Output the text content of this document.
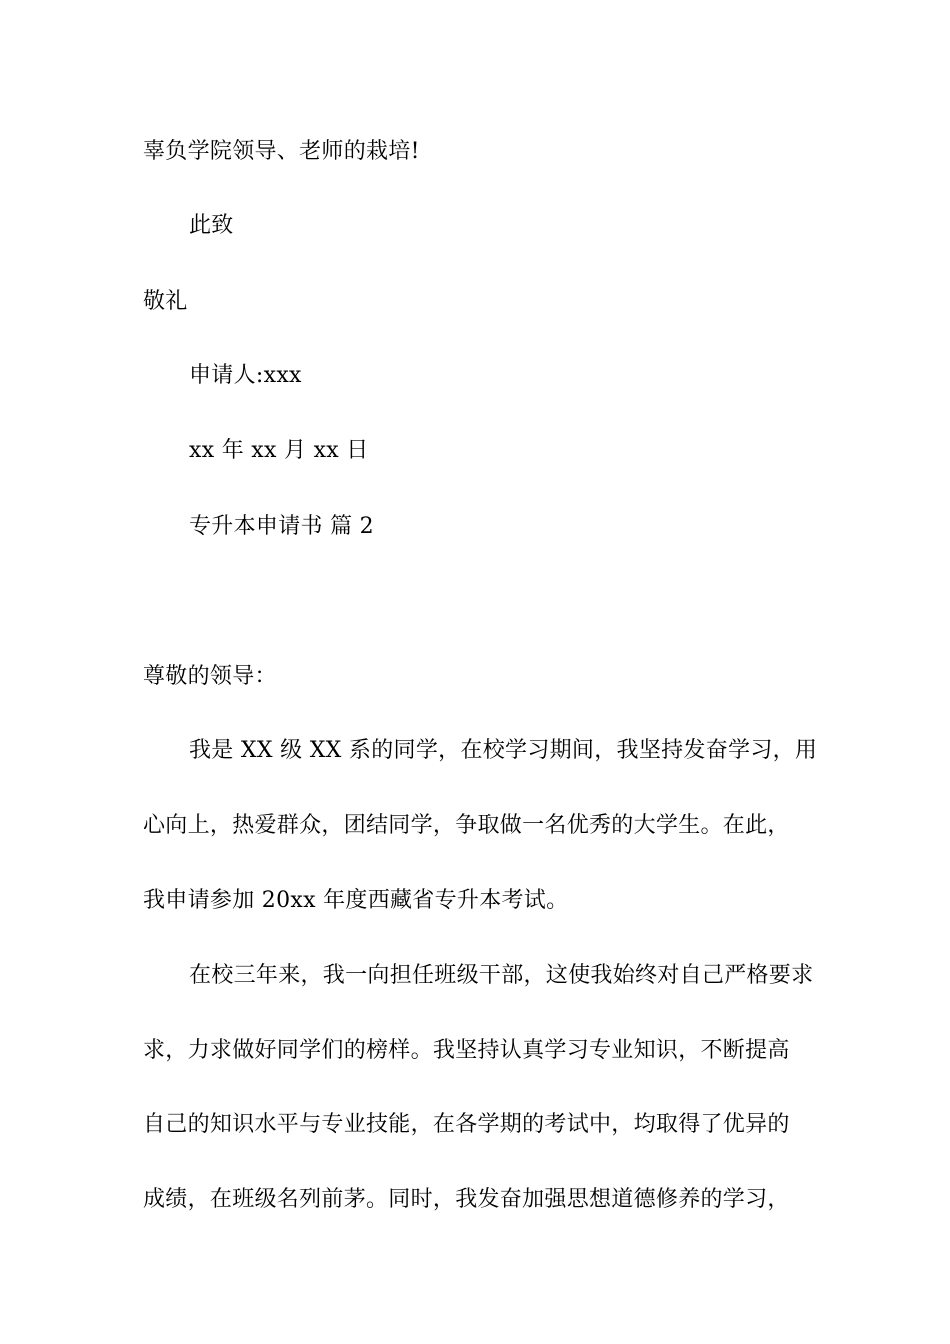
辜负学院领导、老师的栽培!
此致
敬礼
申请人:xxx
xx 年 xx 月 xx 日
专升本申请书 篇 2
尊敬的领导：
我是 XX 级 XX 系的同学，在校学习期间，我坚持发奋学习，用
心向上，热爱群众，团结同学，争取做一名优秀的大学生。在此，
我申请参加 20xx 年度西藏省专升本考试。
在校三年来，我一向担任班级干部，这使我始终对自己严格要求
求，力求做好同学们的榜样。我坚持认真学习专业知识，不断提高
自己的知识水平与专业技能，在各学期的考试中，均取得了优异的
成绩，在班级名列前茅。同时，我发奋加强思想道德修养的学习，
